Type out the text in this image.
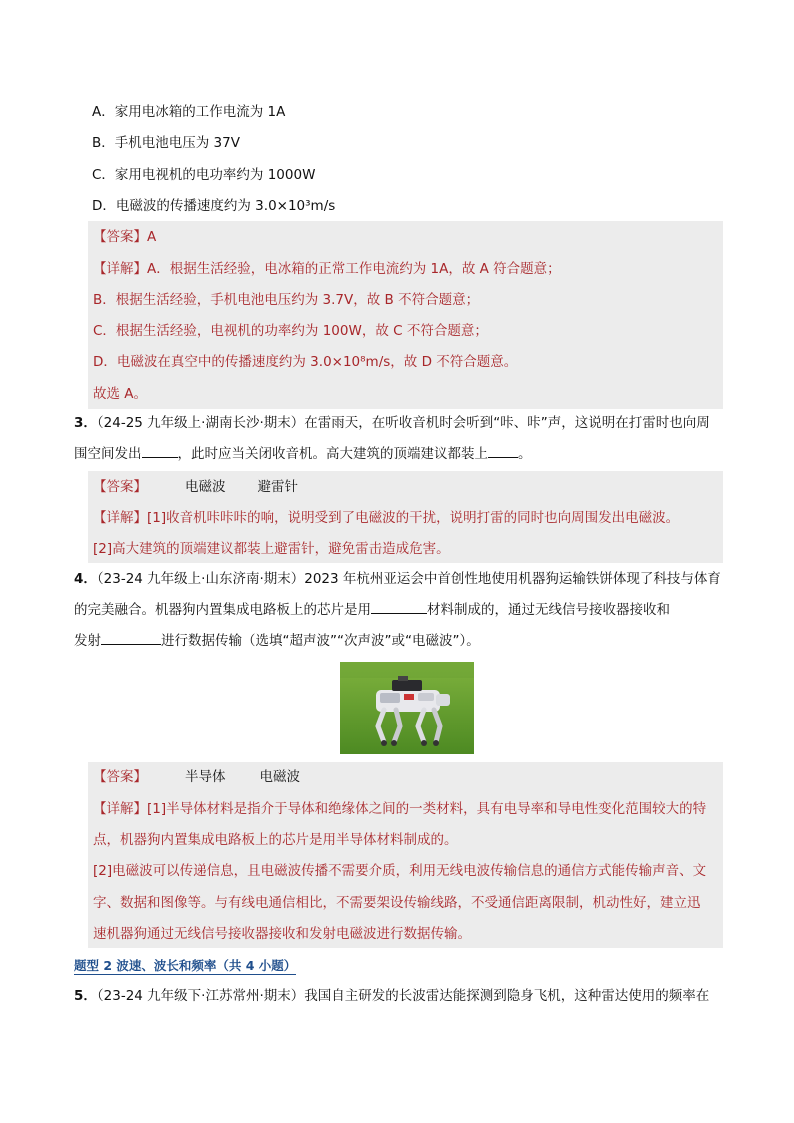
A．家用电冰箱的工作电流为 1A
B．手机电池电压为 37V
C．家用电视机的电功率约为 1000W
D．电磁波的传播速度约为 3.0×10³m/s
【答案】A
【详解】A．根据生活经验，电冰箱的正常工作电流约为 1A，故 A 符合题意；
B．根据生活经验，手机电池电压约为 3.7V，故 B 不符合题意；
C．根据生活经验，电视机的功率约为 100W，故 C 不符合题意；
D．电磁波在真空中的传播速度约为 3.0×10⁸m/s，故 D 不符合题意。
故选 A。
3．（24-25 九年级上·湖南长沙·期末）在雷雨天，在听收音机时会听到“咔、咔”声，这说明在打雷时也向周
围空间发出	，此时应当关闭收音机。高大建筑的顶端建议都装上 。
【答案】	电磁波 避雷针
【详解】[1]收音机咔咔咔的响，说明受到了电磁波的干扰，说明打雷的同时也向周围发出电磁波。
[2]高大建筑的顶端建议都装上避雷针，避免雷击造成危害。
4．（23-24 九年级上·山东济南·期末）2023 年杭州亚运会中首创性地使用机器狗运输铁饼体现了科技与体育
的完美融合。机器狗内置集成电路板上的芯片是用	材料制成的，通过无线信号接收器接收和
发射	进行数据传输（选填“超声波”“次声波”或“电磁波”）。
【答案】	半导体	电磁波
【详解】[1]半导体材料是指介于导体和绝缘体之间的一类材料，具有电导率和导电性变化范围较大的特
点，机器狗内置集成电路板上的芯片是用半导体材料制成的。
[2]电磁波可以传递信息，且电磁波传播不需要介质，利用无线电波传输信息的通信方式能传输声音、文
字、数据和图像等。与有线电通信相比，不需要架设传输线路，不受通信距离限制，机动性好，建立迅
速机器狗通过无线信号接收器接收和发射电磁波进行数据传输。
题型 2 波速、波长和频率（共 4 小题）
5．（23-24 九年级下·江苏常州·期末）我国自主研发的长波雷达能探测到隐身飞机，这种雷达使用的频率在
